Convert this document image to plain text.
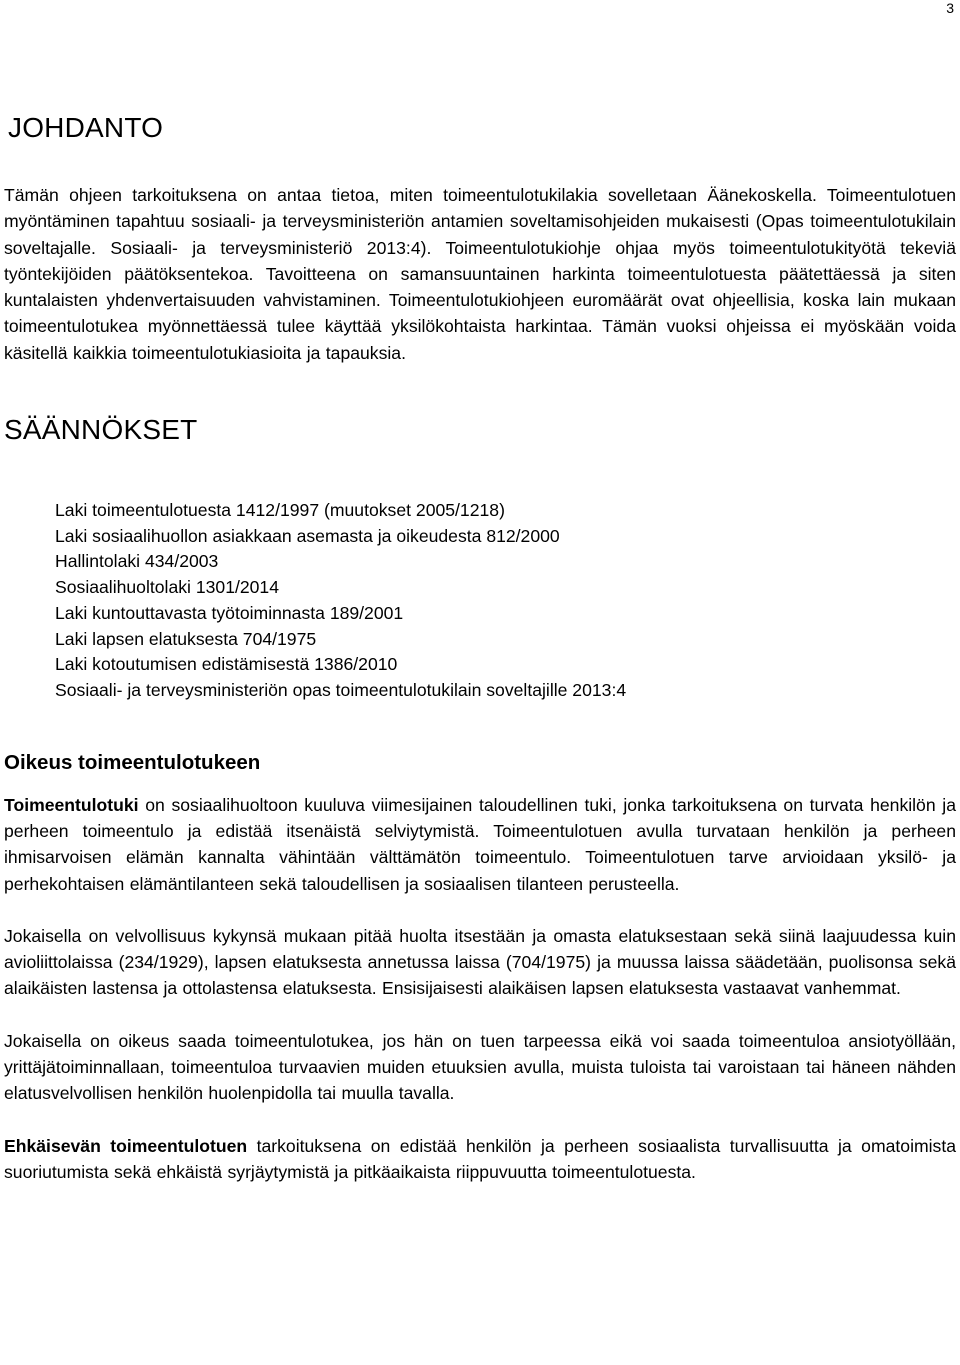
3
JOHDANTO

Tämän ohjeen tarkoituksena on antaa tietoa, miten toimeentulotukilakia sovelletaan Äänekoskella. Toimeentulotuen myöntäminen tapahtuu sosiaali- ja terveysministeriön antamien soveltamisohjeiden mukaisesti (Opas toimeentulotukilain soveltajalle. Sosiaali- ja terveysministeriö 2013:4). Toimeentulotukiohje ohjaa myös toimeentulotukityötä tekeviä työntekijöiden päätöksentekoa. Tavoitteena on samansuuntainen harkinta toimeentulotuesta päätettäessä ja siten kuntalaisten yhdenvertaisuuden vahvistaminen. Toimeentulotukiohjeen euromäärät ovat ohjeellisia, koska lain mukaan toimeentulotukea myönnettäessä tulee käyttää yksilökohtaista harkintaa. Tämän vuoksi ohjeissa ei myöskään voida käsitellä kaikkia toimeentulotukiasioita ja tapauksia.

SÄÄNNÖKSET
Laki toimeentulotuesta 1412/1997 (muutokset 2005/1218)
Laki sosiaalihuollon asiakkaan asemasta ja oikeudesta 812/2000
Hallintolaki 434/2003
Sosiaalihuoltolaki 1301/2014
Laki kuntouttavasta työtoiminnasta 189/2001
Laki lapsen elatuksesta 704/1975
Laki kotoutumisen edistämisestä 1386/2010
Sosiaali- ja terveysministeriön opas toimeentulotukilain soveltajille 2013:4
Oikeus toimeentulotukeen

Toimeentulotuki on sosiaalihuoltoon kuuluva viimesijainen taloudellinen tuki, jonka tarkoituksena on turvata henkilön ja perheen toimeentulo ja edistää itsenäistä selviytymistä. Toimeentulotuen avulla turvataan henkilön ja perheen ihmisarvoisen elämän kannalta vähintään välttämätön toimeentulo. Toimeentulotuen tarve arvioidaan yksilö- ja perhekohtaisen elämäntilanteen sekä taloudellisen ja sosiaalisen tilanteen perusteella.

Jokaisella on velvollisuus kykynsä mukaan pitää huolta itsestään ja omasta elatuksestaan sekä siinä laajuudessa kuin avioliittolaissa (234/1929), lapsen elatuksesta annetussa laissa (704/1975) ja muussa laissa säädetään, puolisonsa sekä alaikäisten lastensa ja ottolastensa elatuksesta. Ensisijaisesti alaikäisen lapsen elatuksesta vastaavat vanhemmat.

Jokaisella on oikeus saada toimeentulotukea, jos hän on tuen tarpeessa eikä voi saada toimeentuloa ansiotyöllään, yrittäjätoiminnallaan, toimeentuloa turvaavien muiden etuuksien avulla, muista tuloista tai varoistaan tai häneen nähden elatusvelvollisen henkilön huolenpidolla tai muulla tavalla.

Ehkäisevän toimeentulotuen tarkoituksena on edistää henkilön ja perheen sosiaalista turvallisuutta ja omatoimista suoriutumista sekä ehkäistä syrjäytymistä ja pitkäaikaista riippuvuutta toimeentulotuesta.
